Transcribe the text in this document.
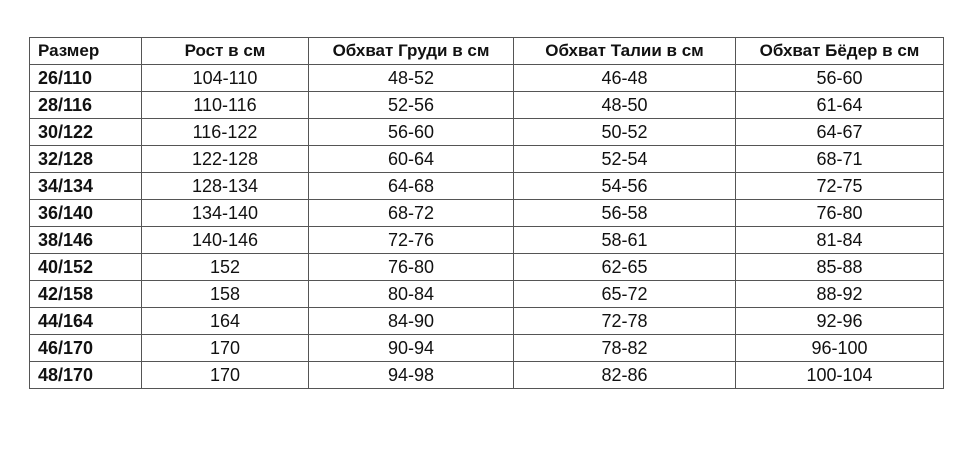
Размер	Рост в см	Обхват Груди в см	Обхват Талии в см	Обхват Бёдер в см
26/110	104-110	48-52	46-48	56-60
28/116	110-116	52-56	48-50	61-64
30/122	116-122	56-60	50-52	64-67
32/128	122-128	60-64	52-54	68-71
34/134	128-134	64-68	54-56	72-75
36/140	134-140	68-72	56-58	76-80
38/146	140-146	72-76	58-61	81-84
40/152	152	76-80	62-65	85-88
42/158	158	80-84	65-72	88-92
44/164	164	84-90	72-78	92-96
46/170	170	90-94	78-82	96-100
48/170	170	94-98	82-86	100-104
